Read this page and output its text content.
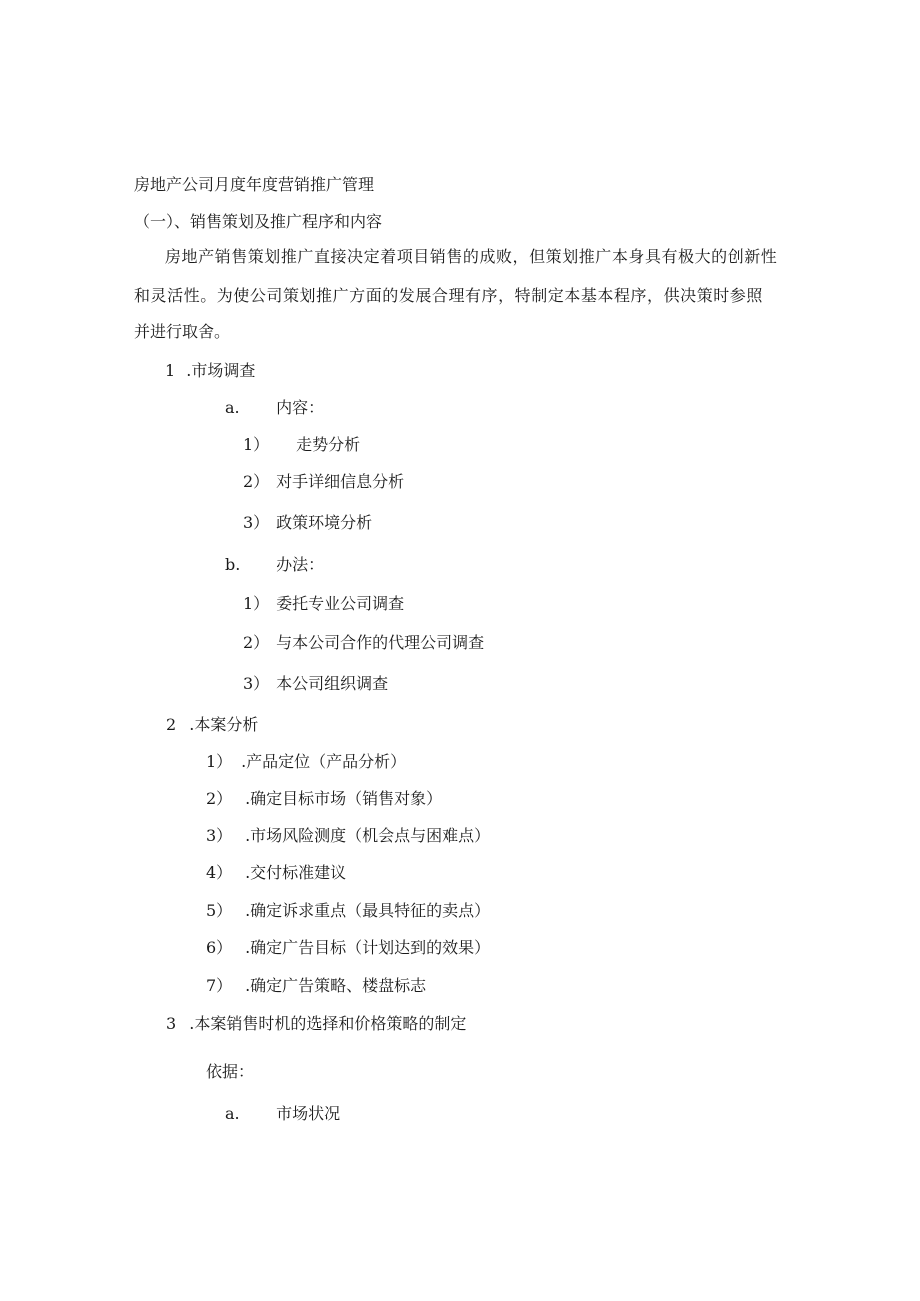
房地产公司月度年度营销推广管理
（一）、销售策划及推广程序和内容
房地产销售策划推广直接决定着项目销售的成败，但策划推广本身具有极大的创新性
和灵活性。为使公司策划推广方面的发展合理有序，特制定本基本程序，供决策时参照
并进行取舍。
1 .市场调查
a. 内容：
1） 走势分析
2） 对手详细信息分析
3） 政策环境分析
b. 办法：
1） 委托专业公司调查
2） 与本公司合作的代理公司调查
3） 本公司组织调查
2 .本案分析
1） .产品定位（产品分析）
2） .确定目标市场（销售对象）
3） .市场风险测度（机会点与困难点）
4） .交付标准建议
5） .确定诉求重点（最具特征的卖点）
6） .确定广告目标（计划达到的效果）
7） .确定广告策略、楼盘标志
3 .本案销售时机的选择和价格策略的制定
依据：
a. 市场状况
